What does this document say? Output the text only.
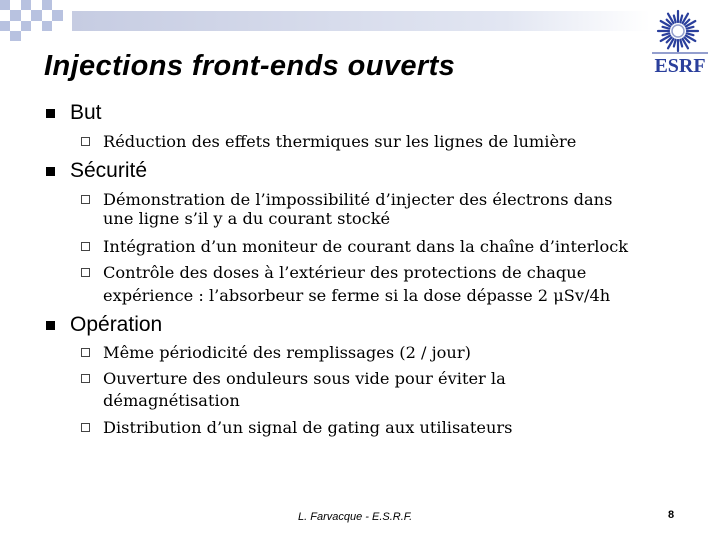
ESRF
Injections front-ends ouverts
But
Réduction des effets thermiques sur les lignes de lumière
Sécurité
Démonstration de l’impossibilité d’injecter des électrons dans
une ligne s’il y a du courant stocké
Intégration d’un moniteur de courant dans la chaîne d’interlock
Contrôle des doses à l’extérieur des protections de chaque
expérience : l’absorbeur se ferme si la dose dépasse 2 μSv/4h
Opération
Même périodicité des remplissages (2 / jour)
Ouverture des onduleurs sous vide pour éviter la
démagnétisation
Distribution d’un signal de gating aux utilisateurs
L. Farvacque - E.S.R.F.	8
